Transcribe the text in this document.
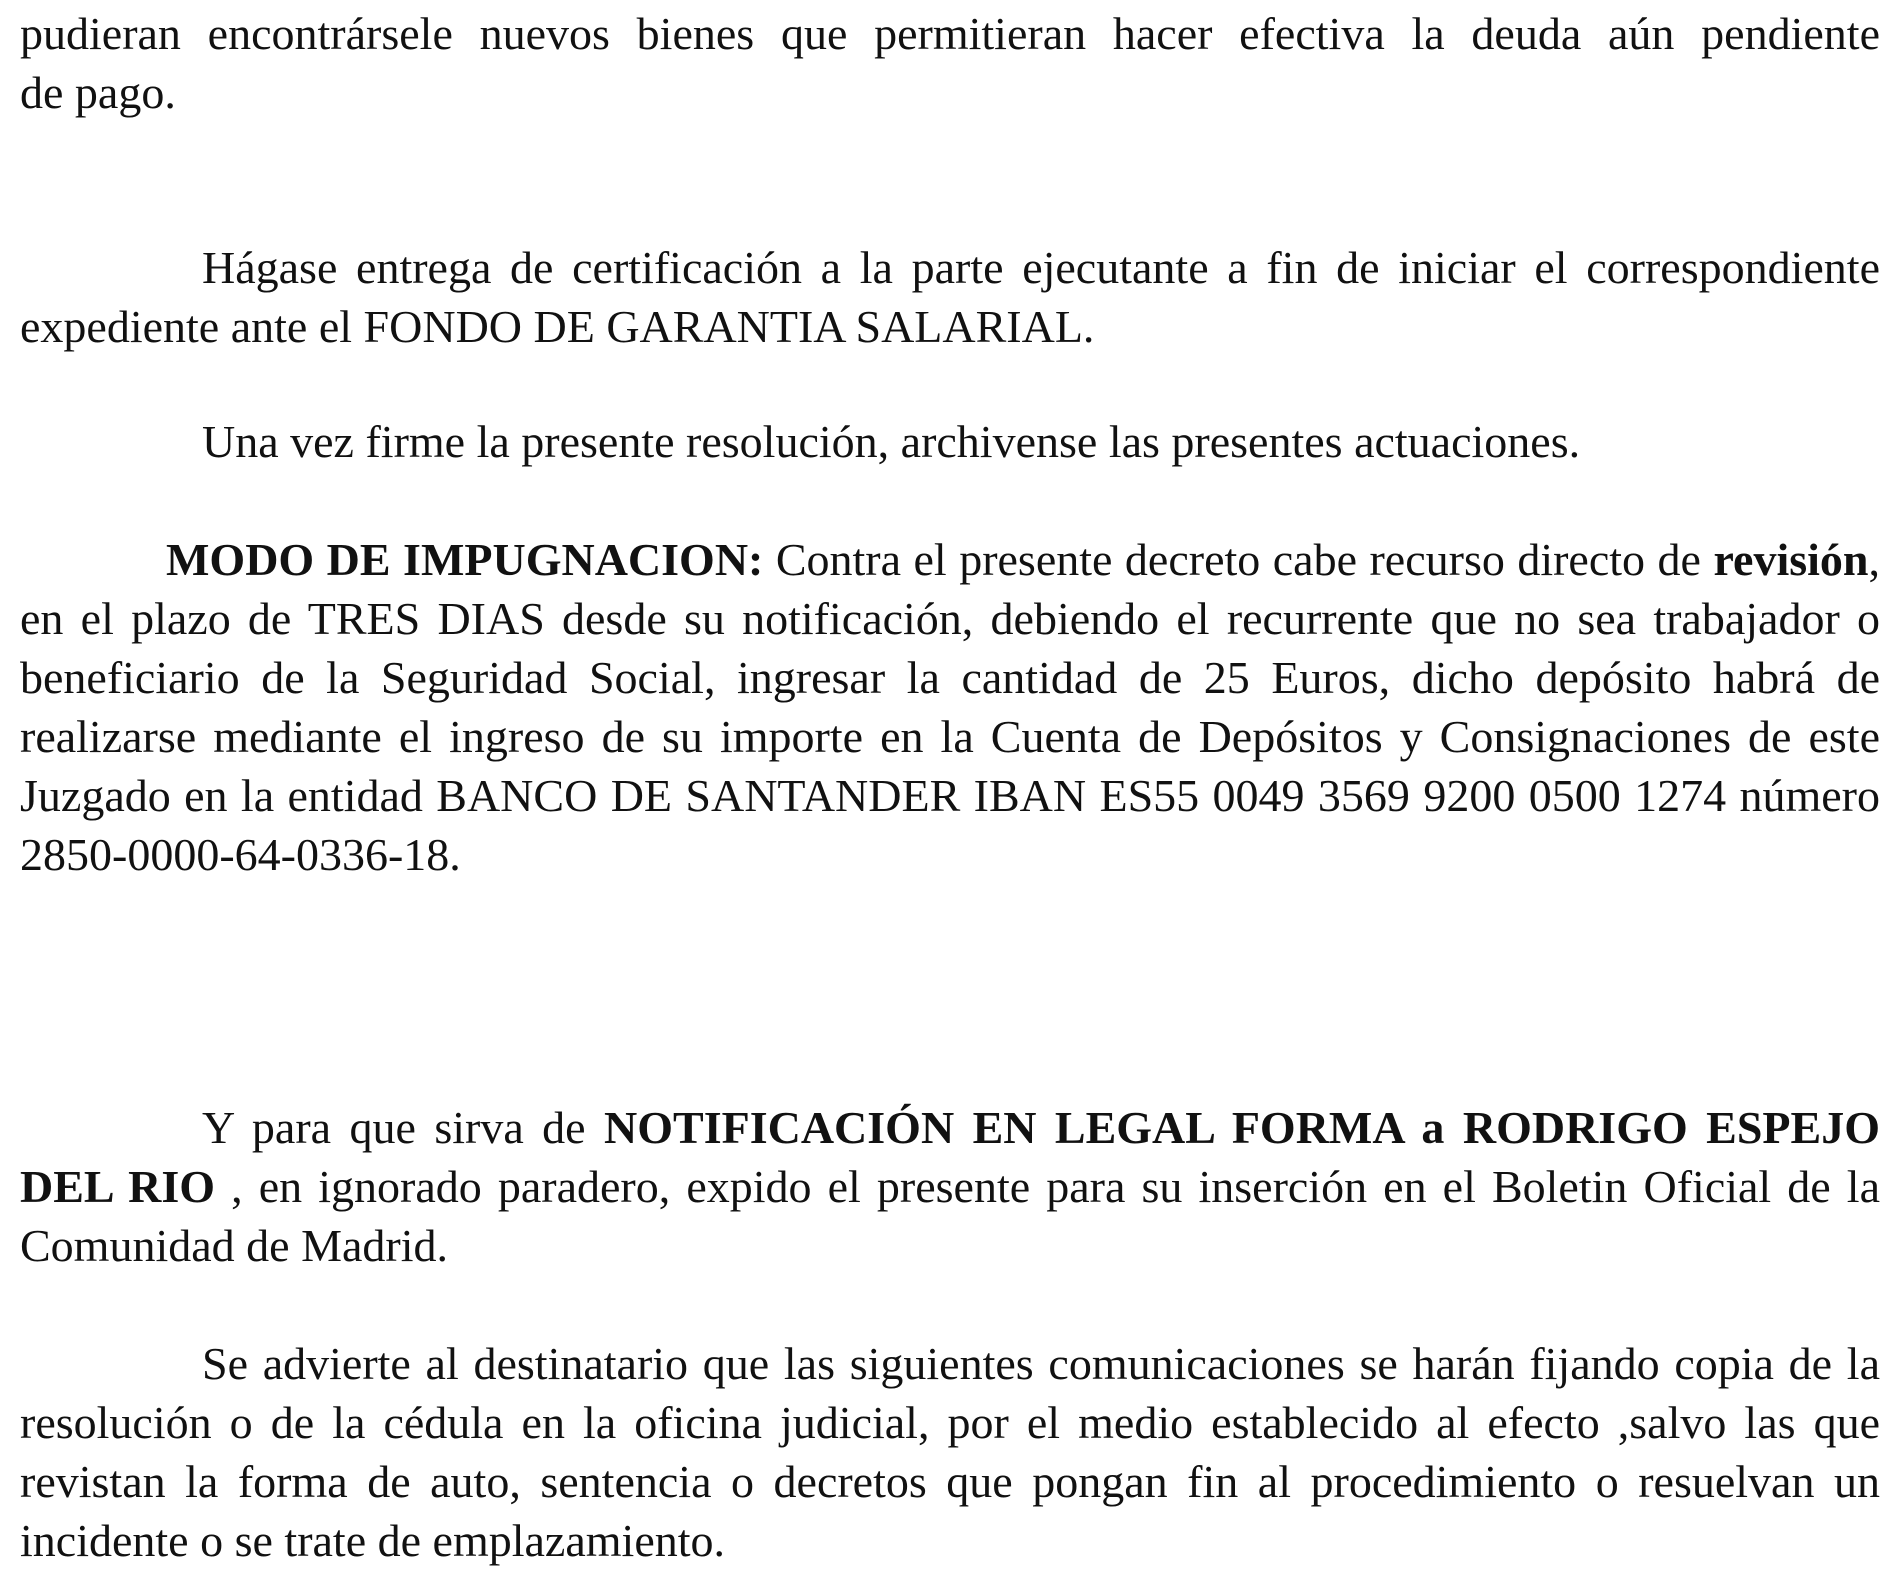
pudieran encontrársele nuevos bienes que permitieran hacer efectiva la deuda aún pendiente
de pago.

Hágase entrega de certificación a la parte ejecutante a fin de iniciar el correspondiente expediente ante el FONDO DE GARANTIA SALARIAL.

Una vez firme la presente resolución, archivense las presentes actuaciones.

MODO DE IMPUGNACION: Contra el presente decreto cabe recurso directo de revisión, en el plazo de TRES DIAS desde su notificación, debiendo el recurrente que no sea trabajador o beneficiario de la Seguridad Social, ingresar la cantidad de 25 Euros, dicho depósito habrá de realizarse mediante el ingreso de su importe en la Cuenta de Depósitos y Consignaciones de este Juzgado en la entidad BANCO DE SANTANDER IBAN ES55 0049 3569 9200 0500 1274 número 2850-0000-64-0336-18.

Y para que sirva de NOTIFICACIÓN EN LEGAL FORMA a RODRIGO ESPEJO DEL RIO , en ignorado paradero, expido el presente para su inserción en el Boletin Oficial de la Comunidad de Madrid.

Se advierte al destinatario que las siguientes comunicaciones se harán fijando copia de la resolución o de la cédula en la oficina judicial, por el medio establecido al efecto ,salvo las que revistan la forma de auto, sentencia o decretos que pongan fin al procedimiento o resuelvan un incidente o se trate de emplazamiento.
